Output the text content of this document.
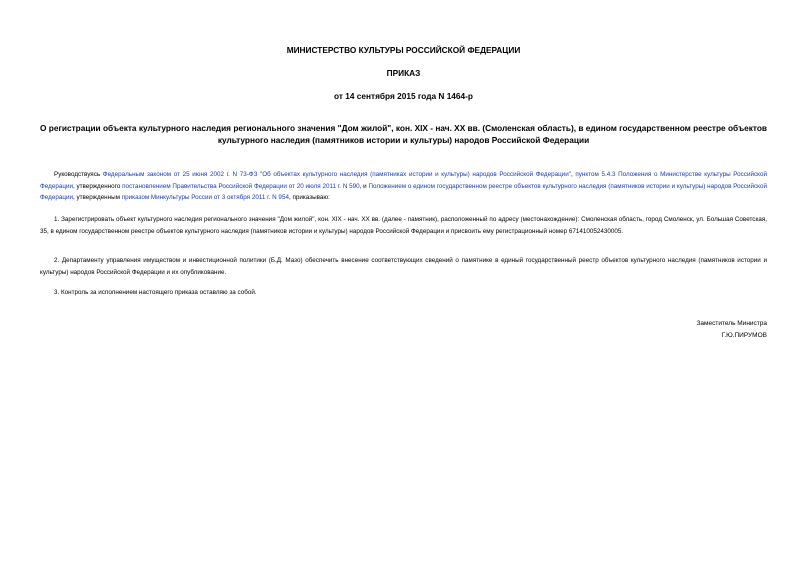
МИНИСТЕРСТВО КУЛЬТУРЫ РОССИЙСКОЙ ФЕДЕРАЦИИ
ПРИКАЗ
от 14 сентября 2015 года N 1464-р
О регистрации объекта культурного наследия регионального значения "Дом жилой", кон. XIX - нач. XX вв. (Смоленская область), в едином государственном реестре объектов культурного наследия (памятников истории и культуры) народов Российской Федерации
Руководствуясь Федеральным законом от 25 июня 2002 г. N 73-ФЗ "Об объектах культурного наследия (памятниках истории и культуры) народов Российской Федерации", пунктом 5.4.3 Положения о Министерстве культуры Российской Федерации, утвержденного постановлением Правительства Российской Федерации от 20 июля 2011 г. N 590, и Положением о едином государственном реестре объектов культурного наследия (памятников истории и культуры) народов Российской Федерации, утвержденным приказом Минкультуры России от 3 октября 2011 г. N 954, приказываю:
1. Зарегистрировать объект культурного наследия регионального значения "Дом жилой", кон. XIX - нач. XX вв. (далее - памятник), расположенный по адресу (местонахождение): Смоленская область, город Смоленск, ул. Большая Советская, 35, в едином государственном реестре объектов культурного наследия (памятников истории и культуры) народов Российской Федерации и присвоить ему регистрационный номер 671410052430005.
2. Департаменту управления имуществом и инвестиционной политики (Б.Д. Мазо) обеспечить внесение соответствующих сведений о памятнике в единый государственный реестр объектов культурного наследия (памятников истории и культуры) народов Российской Федерации и их опубликование.
3. Контроль за исполнением настоящего приказа оставляю за собой.
Заместитель Министра
Г.Ю.ПИРУМОВ
